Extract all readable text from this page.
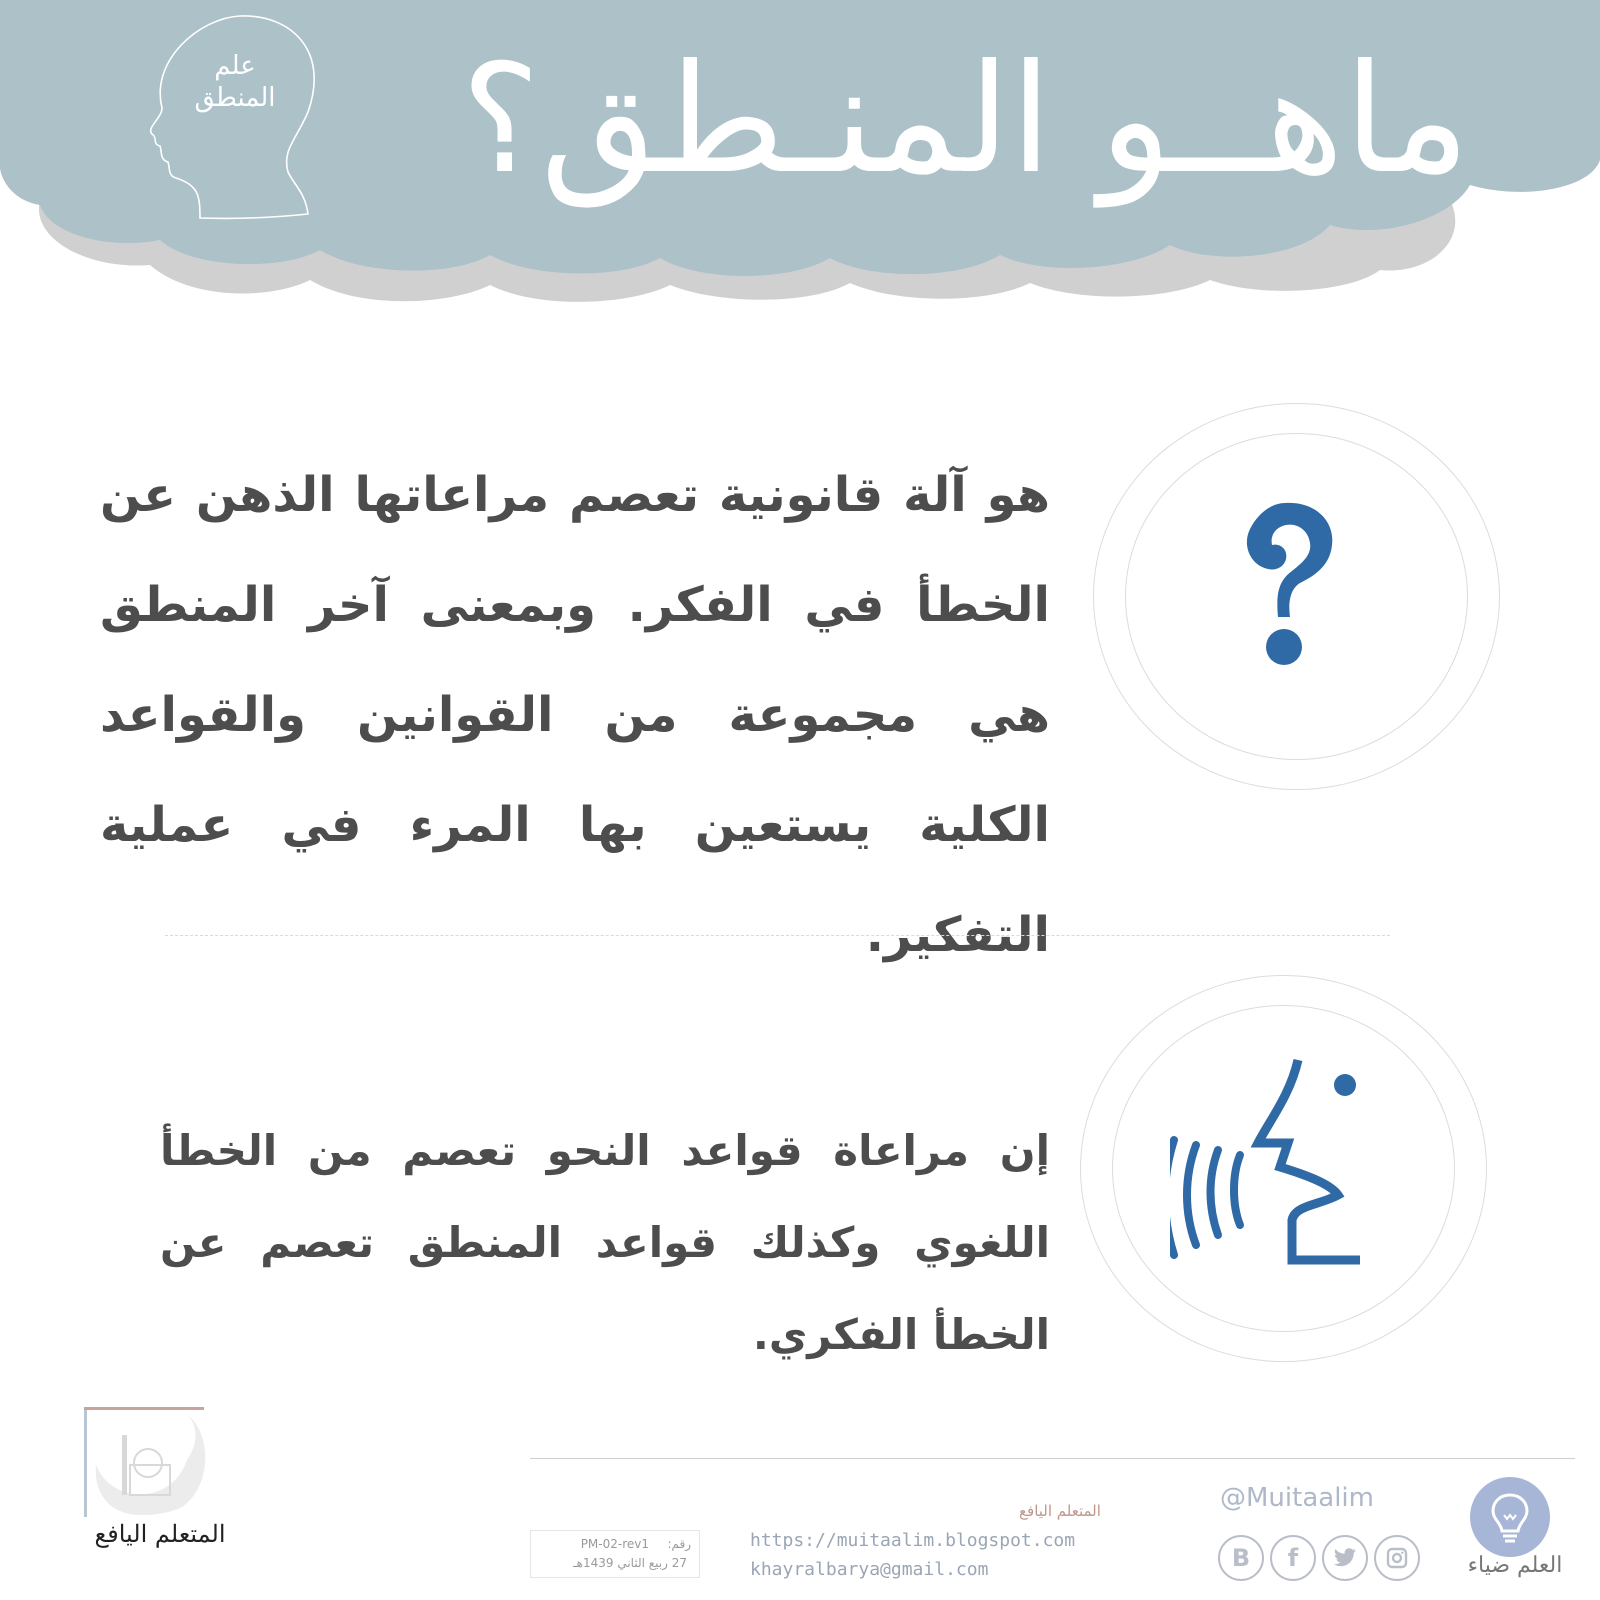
علم
المنطق ماهــو المنـطق؟
هو آلة قانونية تعصم مراعاتها الذهن عن الخطأ في الفكر. وبمعنى آخر المنطق هي مجموعة من القوانين والقواعد الكلية يستعين بها المرء في عملية التفكير.
إن مراعاة قواعد النحو تعصم من الخطأ اللغوي وكذلك قواعد المنطق تعصم عن الخطأ الفكري.
المتعلم اليافع	رقم:
PM-02-rev1
27 ربيع الثاني 1439هـ
المتعلم اليافع
https://muitaalim.blogspot.com
khayralbarya@gmail.com
@Muitaalim
B	f	العلم ضياء
